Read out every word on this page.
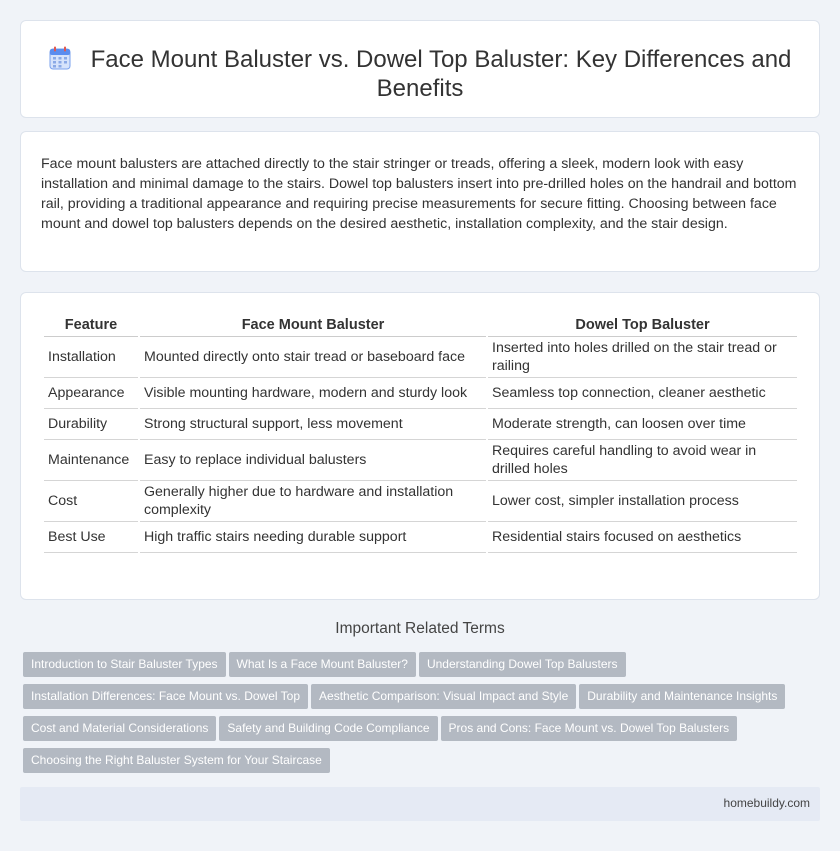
Face Mount Baluster vs. Dowel Top Baluster: Key Differences and Benefits

Face mount balusters are attached directly to the stair stringer or treads, offering a sleek, modern look with easy installation and minimal damage to the stairs. Dowel top balusters insert into pre-drilled holes on the handrail and bottom rail, providing a traditional appearance and requiring precise measurements for secure fitting. Choosing between face mount and dowel top balusters depends on the desired aesthetic, installation complexity, and the stair design.

Feature	Face Mount Baluster	Dowel Top Baluster
Installation	Mounted directly onto stair tread or baseboard face	Inserted into holes drilled on the stair tread or railing
Appearance	Visible mounting hardware, modern and sturdy look	Seamless top connection, cleaner aesthetic
Durability	Strong structural support, less movement	Moderate strength, can loosen over time
Maintenance	Easy to replace individual balusters	Requires careful handling to avoid wear in drilled holes
Cost	Generally higher due to hardware and installation complexity	Lower cost, simpler installation process
Best Use	High traffic stairs needing durable support	Residential stairs focused on aesthetics
Important Related Terms
Introduction to Stair Baluster Types What Is a Face Mount Baluster? Understanding Dowel Top Balusters
Installation Differences: Face Mount vs. Dowel Top Aesthetic Comparison: Visual Impact and Style Durability and Maintenance Insights
Cost and Material Considerations Safety and Building Code Compliance Pros and Cons: Face Mount vs. Dowel Top Balusters
Choosing the Right Baluster System for Your Staircase
homebuildy.com
